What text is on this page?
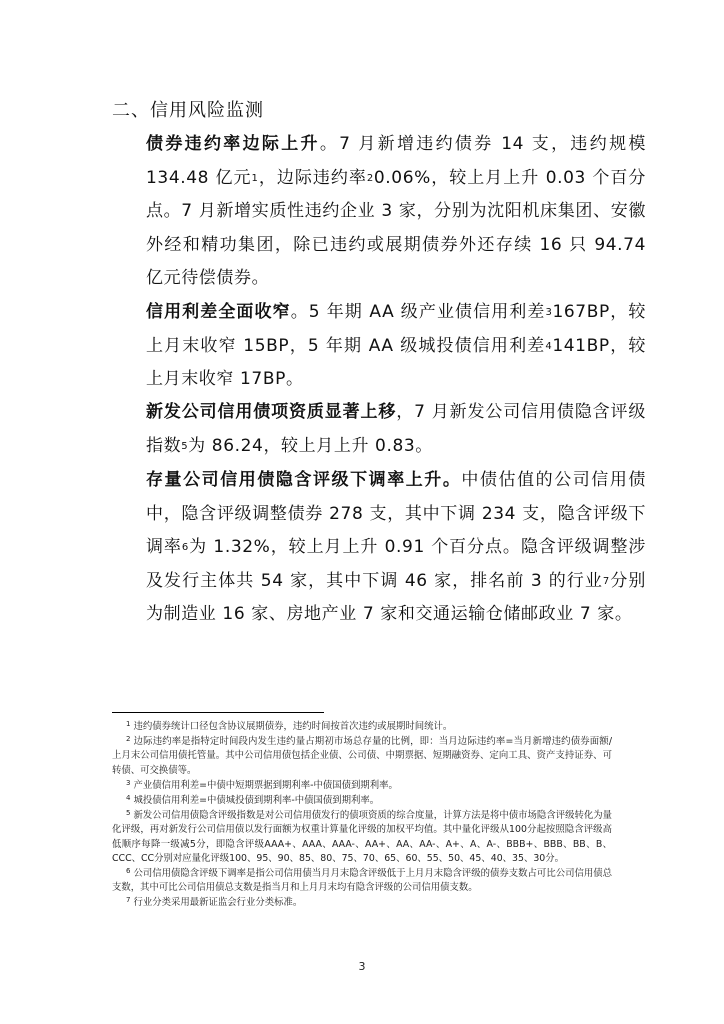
二、信用风险监测

债券违约率边际上升。7 月新增违约债券 14 支，违约规模 134.48 亿元$^1$，边际违约率$^2$0.06%，较上月上升 0.03 个百分点。7 月新增实质性违约企业 3 家，分别为沈阳机床集团、安徽外经和精功集团，除已违约或展期债券外还存续 16 只 94.74 亿元待偿债券。

信用利差全面收窄。5 年期 AA 级产业债信用利差$^3$167BP，较上月末收窄 15BP，5 年期 AA 级城投债信用利差$^4$141BP，较上月末收窄 17BP。

新发公司信用债项资质显著上移，7 月新发公司信用债隐含评级指数$^5$为 86.24，较上月上升 0.83。

存量公司信用债隐含评级下调率上升。中债估值的公司信用债中，隐含评级调整债券 278 支，其中下调 234 支，隐含评级下调率$^6$为 1.32%，较上月上升 0.91 个百分点。隐含评级调整涉及发行主体共 54 家，其中下调 46 家，排名前 3 的行业$^7$分别为制造业 16 家、房地产业 7 家和交通运输仓储邮政业 7 家。

$^1$ 违约债券统计口径包含协议展期债券，违约时间按首次违约或展期时间统计。

$^2$ 边际违约率是指特定时间段内发生违约量占期初市场总存量的比例，即：当月边际违约率=当月新增违约债券面额/上月末公司信用债托管量。其中公司信用债包括企业债、公司债、中期票据、短期融资券、定向工具、资产支持证券、可转债、可交换债等。

$^3$ 产业债信用利差=中债中短期票据到期利率-中债国债到期利率。

$^4$ 城投债信用利差=中债城投债到期利率-中债国债到期利率。

$^5$ 新发公司信用债隐含评级指数是对公司信用债发行的债项资质的综合度量，计算方法是将中债市场隐含评级转化为量化评级，再对新发行公司信用债以发行面额为权重计算量化评级的加权平均值。其中量化评级从100分起按照隐含评级高低顺序每降一级减5分，即隐含评级AAA+、AAA、AAA-、AA+、AA、AA-、A+、A、A-、BBB+、BBB、BB、B、CCC、CC分别对应量化评级100、95、90、85、80、75、70、65、60、55、50、45、40、35、30分。

$^6$ 公司信用债隐含评级下调率是指公司信用债当月月末隐含评级低于上月月末隐含评级的债券支数占可比公司信用债总支数，其中可比公司信用债总支数是指当月和上月月末均有隐含评级的公司信用债支数。

$^7$ 行业分类采用最新证监会行业分类标准。

3
